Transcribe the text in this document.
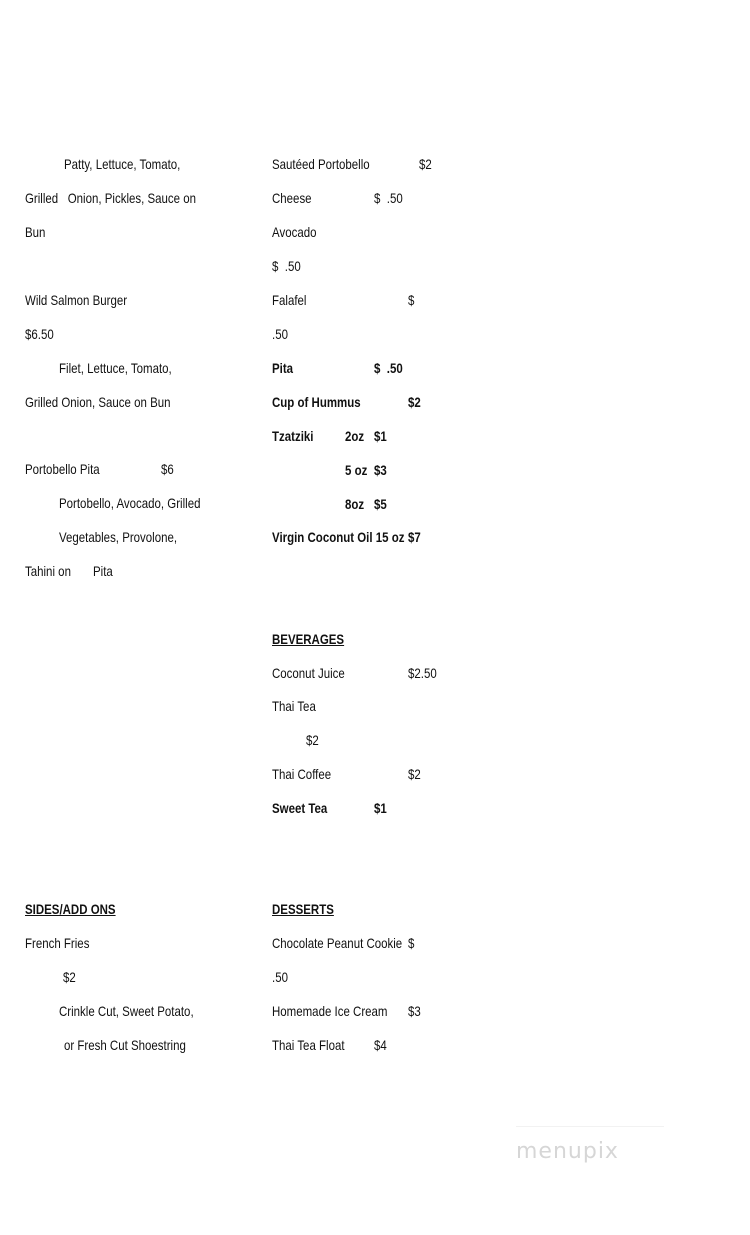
Patty, Lettuce, Tomato,
Grilled   Onion, Pickles, Sauce on
Bun
Wild Salmon Burger
$6.50
Filet, Lettuce, Tomato,
Grilled Onion, Sauce on Bun
Portobello Pita	$6
Portobello, Avocado, Grilled
Vegetables, Provolone,
Tahini on Pita
SIDES/ADD ONS
French Fries
$2
Crinkle Cut, Sweet Potato,
or Fresh Cut Shoestring
Sautéed Portobello	$2
Cheese	$  .50
Avocado
$  .50
Falafel	$
.50
Pita	$  .50
Cup of Hummus	$2
Tzatziki 2oz $1
5 oz $3
8oz $5
Virgin Coconut Oil 15 oz $7
BEVERAGES
Coconut Juice	$2.50
Thai Tea
$2
Thai Coffee	$2
Sweet Tea	$1
DESSERTS
Chocolate Peanut Cookie $
.50
Homemade Ice Cream $3
Thai Tea Float $4
menupix
